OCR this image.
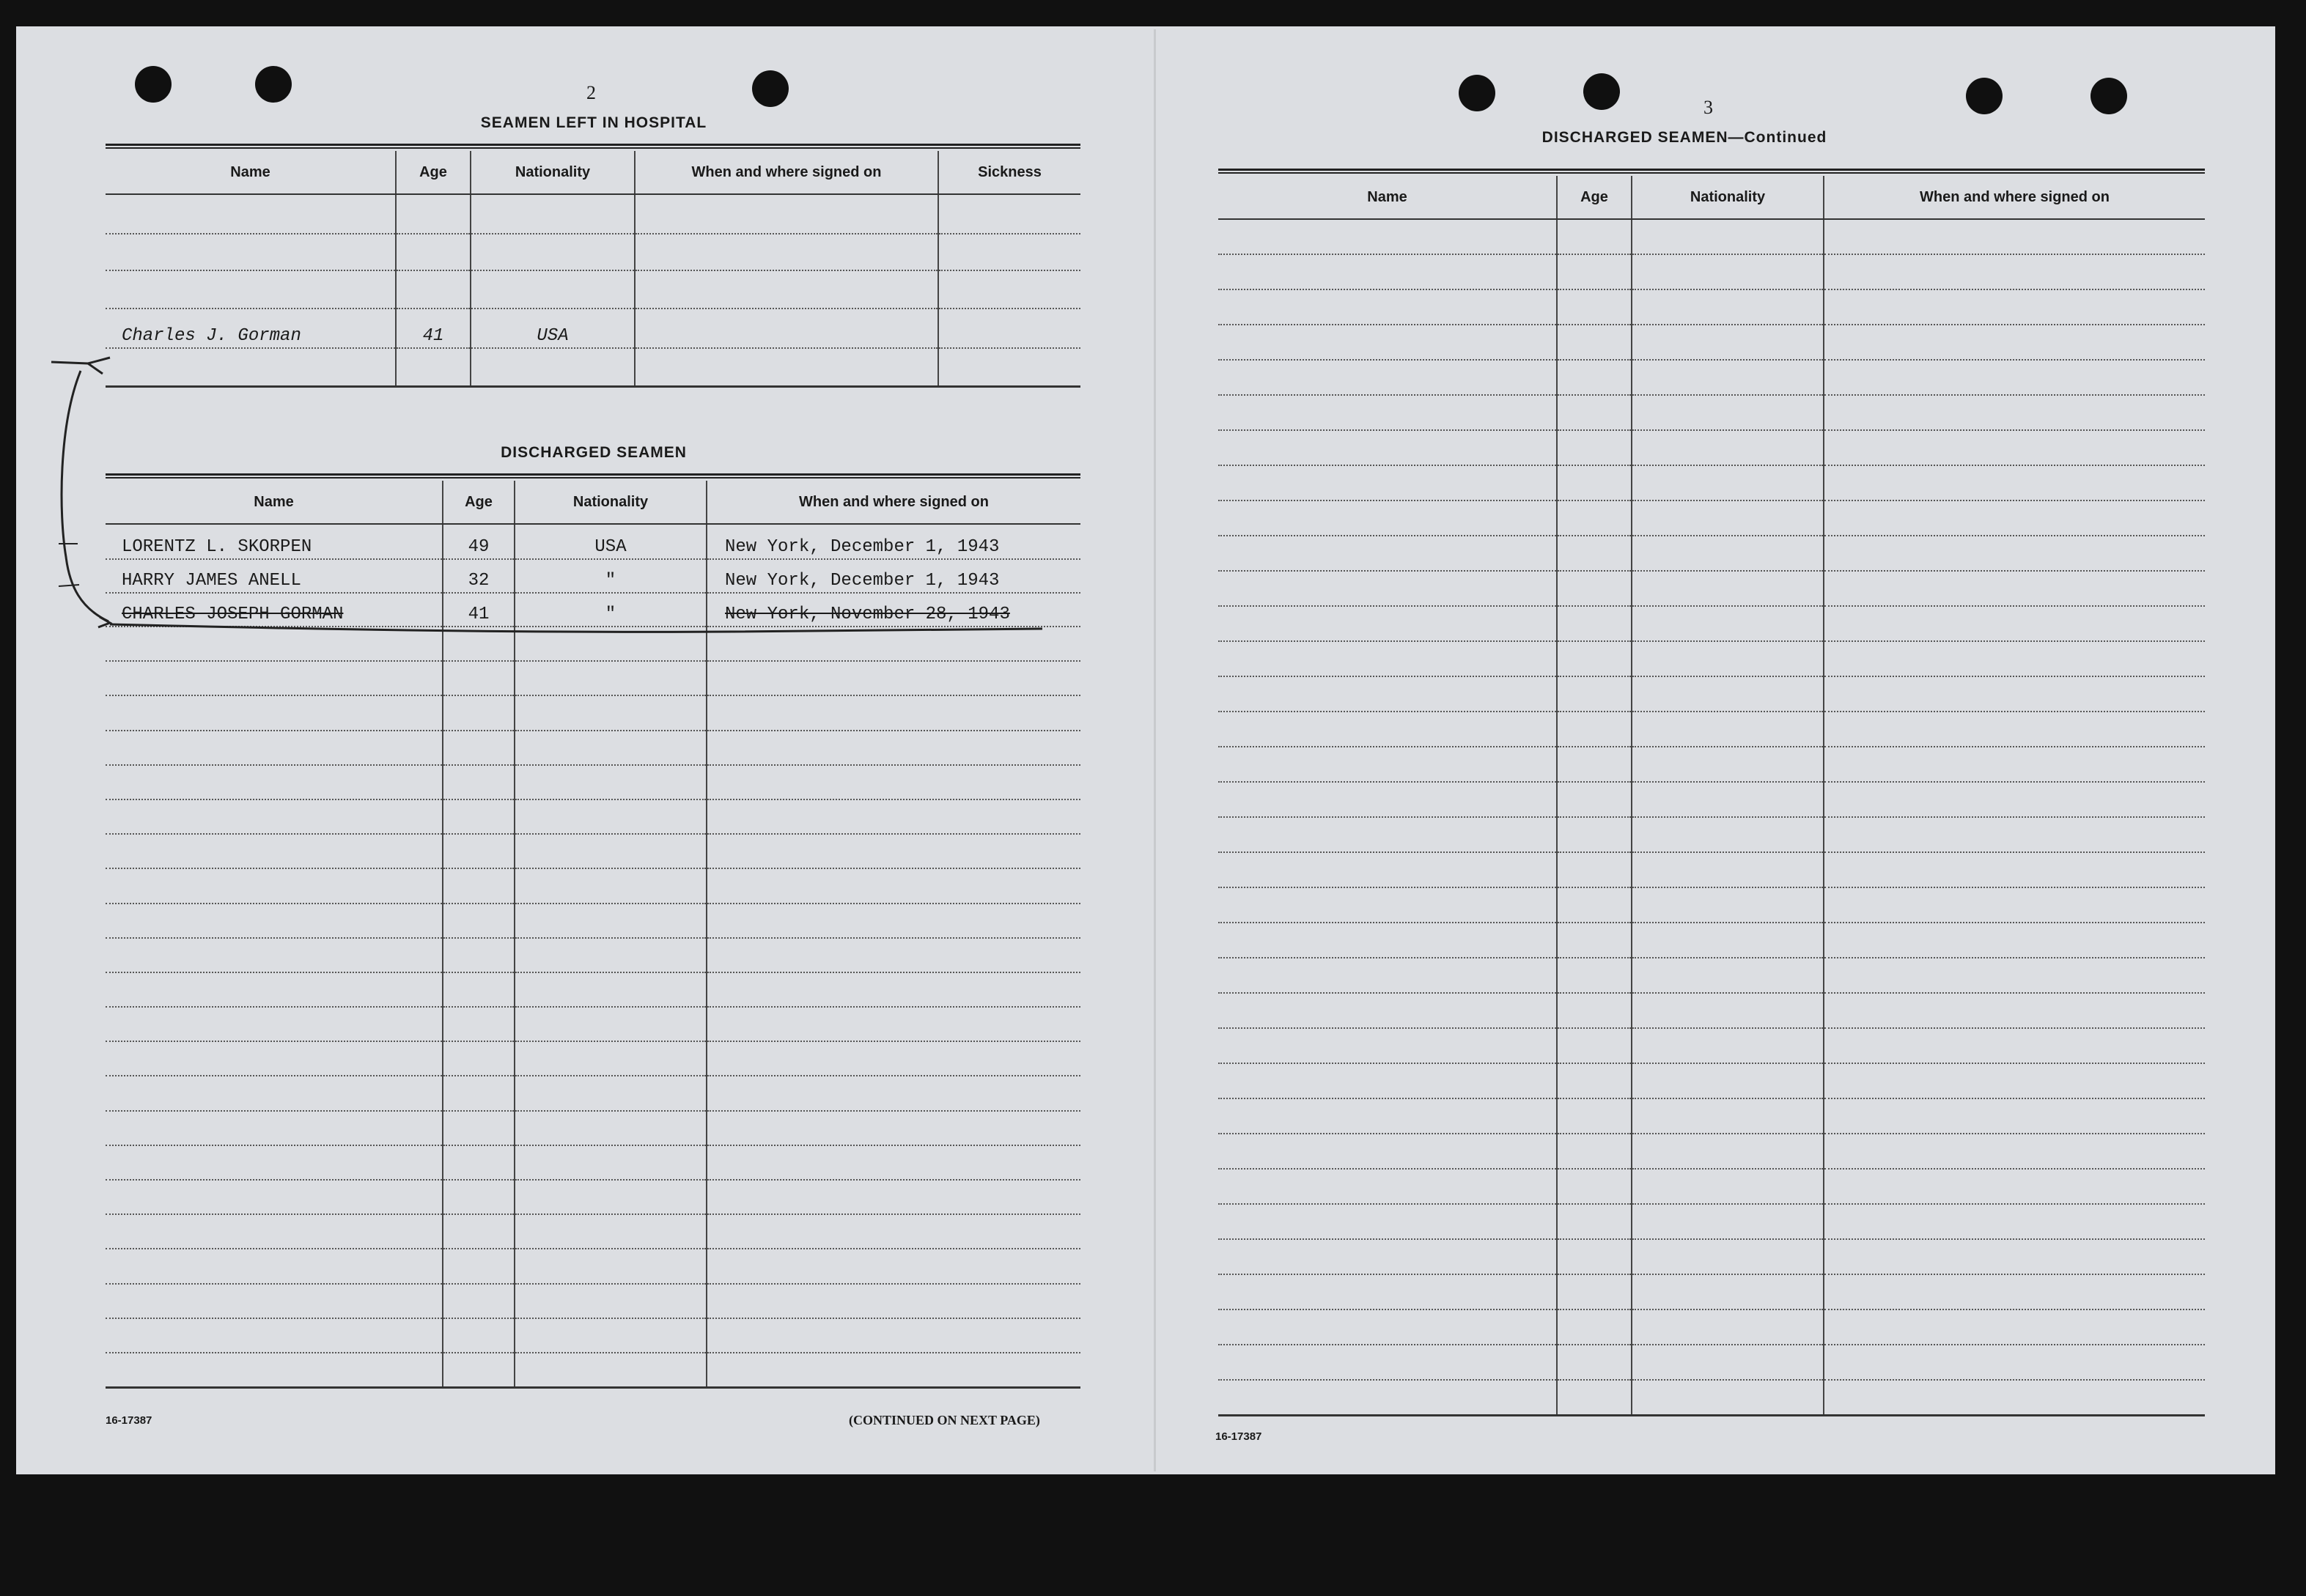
2
SEAMEN LEFT IN HOSPITAL
Name	Age	Nationality	When and where signed on	Sickness

Charles J. Gorman	41	USA		

DISCHARGED SEAMEN
Name	Age	Nationality	When and where signed on
LORENTZ L. SKORPEN	49	USA	New York, December 1, 1943
HARRY JAMES ANELL	32	"	New York, December 1, 1943
CHARLES JOSEPH GORMAN	41	"	New York, November 28, 1943

16-17387	(CONTINUED ON NEXT PAGE)
3
DISCHARGED SEAMEN—Continued
Name	Age	Nationality	When and where signed on

16-17387
